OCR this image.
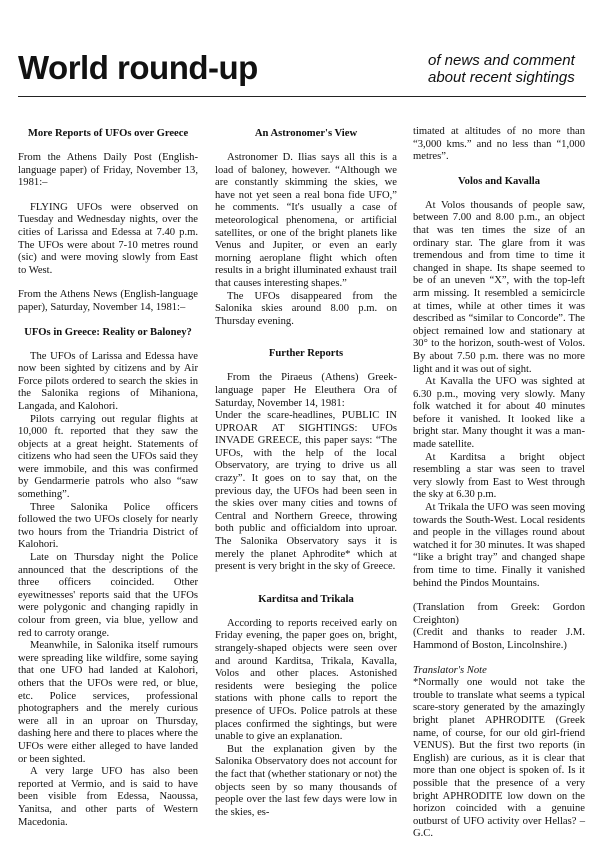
World round-up	of news and comment
about recent sightings
More Reports of UFOs over Greece

From the Athens Daily Post (English-language paper) of Friday, November 13, 1981:–

FLYING UFOs were observed on Tuesday and Wednesday nights, over the cities of Larissa and Edessa at 7.40 p.m. The UFOs were about 7-10 metres round (sic) and were moving slowly from East to West.

From the Athens News (English-language paper), Saturday, November 14, 1981:–

UFOs in Greece: Reality or Baloney?

The UFOs of Larissa and Edessa have now been sighted by citizens and by Air Force pilots ordered to search the skies in the Salonika regions of Mihaniona, Langada, and Kalohori.

Pilots carrying out regular flights at 10,000 ft. reported that they saw the objects at a great height. Statements of citizens who had seen the UFOs said they were immobile, and this was confirmed by Gendarmerie patrols who also “saw something”.

Three Salonika Police officers followed the two UFOs closely for nearly two hours from the Triandria District of Kalohori.

Late on Thursday night the Police announced that the descriptions of the three officers coincided. Other eyewitnesses' reports said that the UFOs were polygonic and changing rapidly in colour from green, via blue, yellow and red to carroty orange.

Meanwhile, in Salonika itself rumours were spreading like wildfire, some saying that one UFO had landed at Kalohori, others that the UFOs were red, or blue, etc. Police services, professional photographers and the merely curious were all in an uproar on Thursday, dashing here and there to places where the UFOs were either alleged to have landed or been sighted.

A very large UFO has also been reported at Vermio, and is said to have been visible from Edessa, Naoussa, Yanitsa, and other parts of Western Macedonia.

An Astronomer's View

Astronomer D. Ilias says all this is a load of baloney, however. “Although we are constantly skimming the skies, we have not yet seen a real bona fide UFO,” he comments. “It's usually a case of meteorological phenomena, or artificial satellites, or one of the bright planets like Venus and Jupiter, or even an early morning aeroplane flight which often results in a bright illuminated exhaust trail that causes interesting shapes.”

The UFOs disappeared from the Salonika skies around 8.00 p.m. on Thursday evening.

Further Reports

From the Piraeus (Athens) Greek-language paper He Eleuthera Ora of Saturday, November 14, 1981:

Under the scare-headlines, PUBLIC IN UPROAR AT SIGHTINGS: UFOs INVADE GREECE, this paper says: “The UFOs, with the help of the local Observatory, are trying to drive us all crazy”. It goes on to say that, on the previous day, the UFOs had been seen in the skies over many cities and towns of Central and Northern Greece, throwing both public and officialdom into uproar. The Salonika Observatory says it is merely the planet Aphrodite* which at present is very bright in the sky of Greece.

Karditsa and Trikala

According to reports received early on Friday evening, the paper goes on, bright, strangely-shaped objects were seen over and around Karditsa, Trikala, Kavalla, Volos and other places. Astonished residents were besieging the police stations with phone calls to report the presence of UFOs. Police patrols at these places confirmed the sightings, but were unable to give an explanation.

But the explanation given by the Salonika Observatory does not account for the fact that (whether stationary or not) the objects seen by so many thousands of people over the last few days were low in the skies, es-

timated at altitudes of no more than “3,000 kms.” and no less than “1,000 metres”.

Volos and Kavalla

At Volos thousands of people saw, between 7.00 and 8.00 p.m., an object that was ten times the size of an ordinary star. The glare from it was tremendous and from time to time it changed in shape. Its shape seemed to be of an uneven “X”, with the top-left arm missing. It resembled a semicircle at times, while at other times it was described as “similar to Concorde”. The object remained low and stationary at 30° to the horizon, south-west of Volos. By about 7.50 p.m. there was no more light and it was out of sight.

At Kavalla the UFO was sighted at 6.30 p.m., moving very slowly. Many folk watched it for about 40 minutes before it vanished. It looked like a bright star. Many thought it was a man-made satellite.

At Karditsa a bright object resembling a star was seen to travel very slowly from East to West through the sky at 6.30 p.m.

At Trikala the UFO was seen moving towards the South-West. Local residents and people in the villages round about watched it for 30 minutes. It was shaped “like a bright tray” and changed shape from time to time. Finally it vanished behind the Pindos Mountains.

(Translation from Greek: Gordon Creighton)

(Credit and thanks to reader J.M. Hammond of Boston, Lincolnshire.)

Translator's Note

*Normally one would not take the trouble to translate what seems a typical scare-story generated by the amazingly bright planet APHRODITE (Greek name, of course, for our old girl-friend VENUS). But the first two reports (in English) are curious, as it is clear that more than one object is spoken of. Is it possible that the presence of a very bright APHRODITE low down on the horizon coincided with a genuine outburst of UFO activity over Hellas? – G.C.
